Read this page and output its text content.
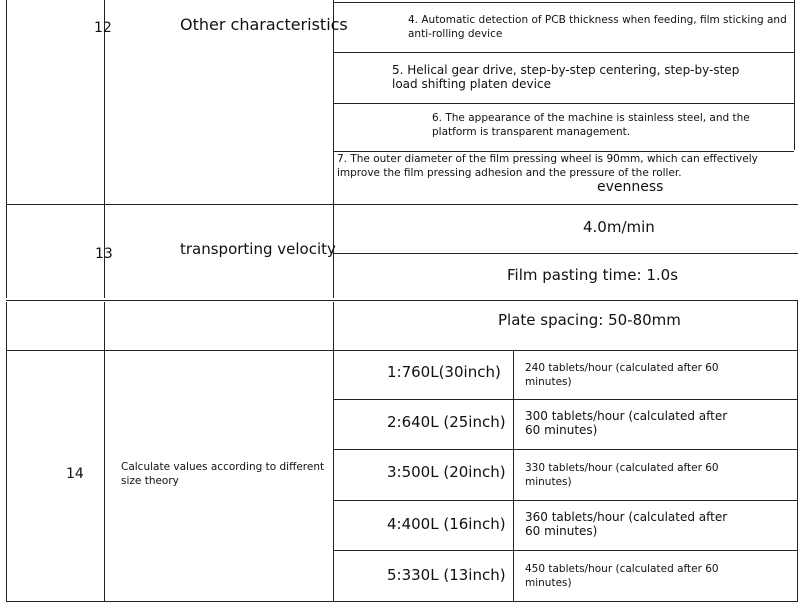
12	Other characteristics	4. Automatic detection of PCB thickness when feeding, film sticking and anti-rolling device
5. Helical gear drive, step-by-step centering, step-by-step load shifting platen device
6. The appearance of the machine is stainless steel, and the platform is transparent management.
7. The outer diameter of the film pressing wheel is 90mm, which can effectively improve the film pressing adhesion and the pressure of the roller.
evenness
13	transporting velocity
4.0m/min
Film pasting time: 1.0s
Plate spacing: 50-80mm
14	Calculate values according to different size theory
1:760L(30inch) 240 tablets/hour (calculated after 60 minutes)
2:640L (25inch) 300 tablets/hour (calculated after 60 minutes)
3:500L (20inch) 330 tablets/hour (calculated after 60 minutes)
4:400L (16inch) 360 tablets/hour (calculated after 60 minutes)
5:330L (13inch) 450 tablets/hour (calculated after 60 minutes)
